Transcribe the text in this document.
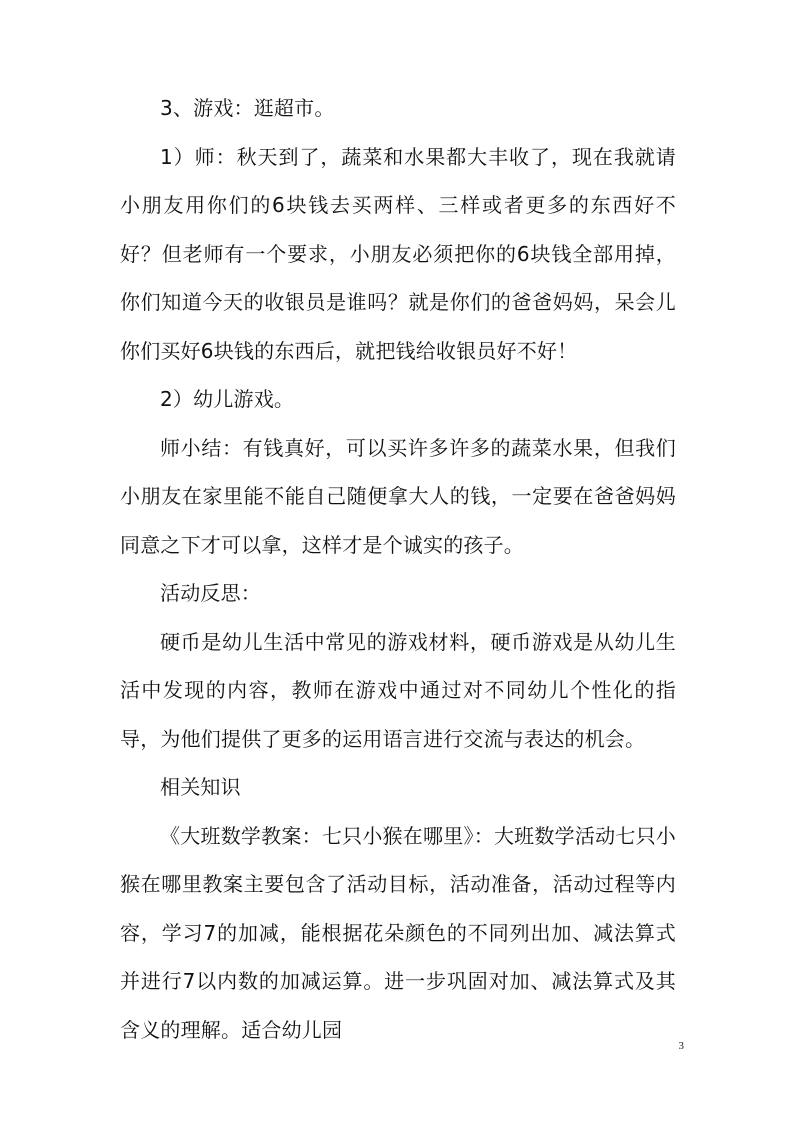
3、游戏：逛超市。

1）师：秋天到了，蔬菜和水果都大丰收了，现在我就请小朋友用你们的6块钱去买两样、三样或者更多的东西好不好？但老师有一个要求，小朋友必须把你的6块钱全部用掉，你们知道今天的收银员是谁吗？就是你们的爸爸妈妈，呆会儿你们买好6块钱的东西后，就把钱给收银员好不好！

2）幼儿游戏。

师小结：有钱真好，可以买许多许多的蔬菜水果，但我们小朋友在家里能不能自己随便拿大人的钱，一定要在爸爸妈妈同意之下才可以拿，这样才是个诚实的孩子。

活动反思：

硬币是幼儿生活中常见的游戏材料，硬币游戏是从幼儿生活中发现的内容，教师在游戏中通过对不同幼儿个性化的指导，为他们提供了更多的运用语言进行交流与表达的机会。

相关知识

《大班数学教案：七只小猴在哪里》：大班数学活动七只小猴在哪里教案主要包含了活动目标，活动准备，活动过程等内容，学习7的加减，能根据花朵颜色的不同列出加、减法算式并进行7以内数的加减运算。进一步巩固对加、减法算式及其含义的理解。适合幼儿园

3
